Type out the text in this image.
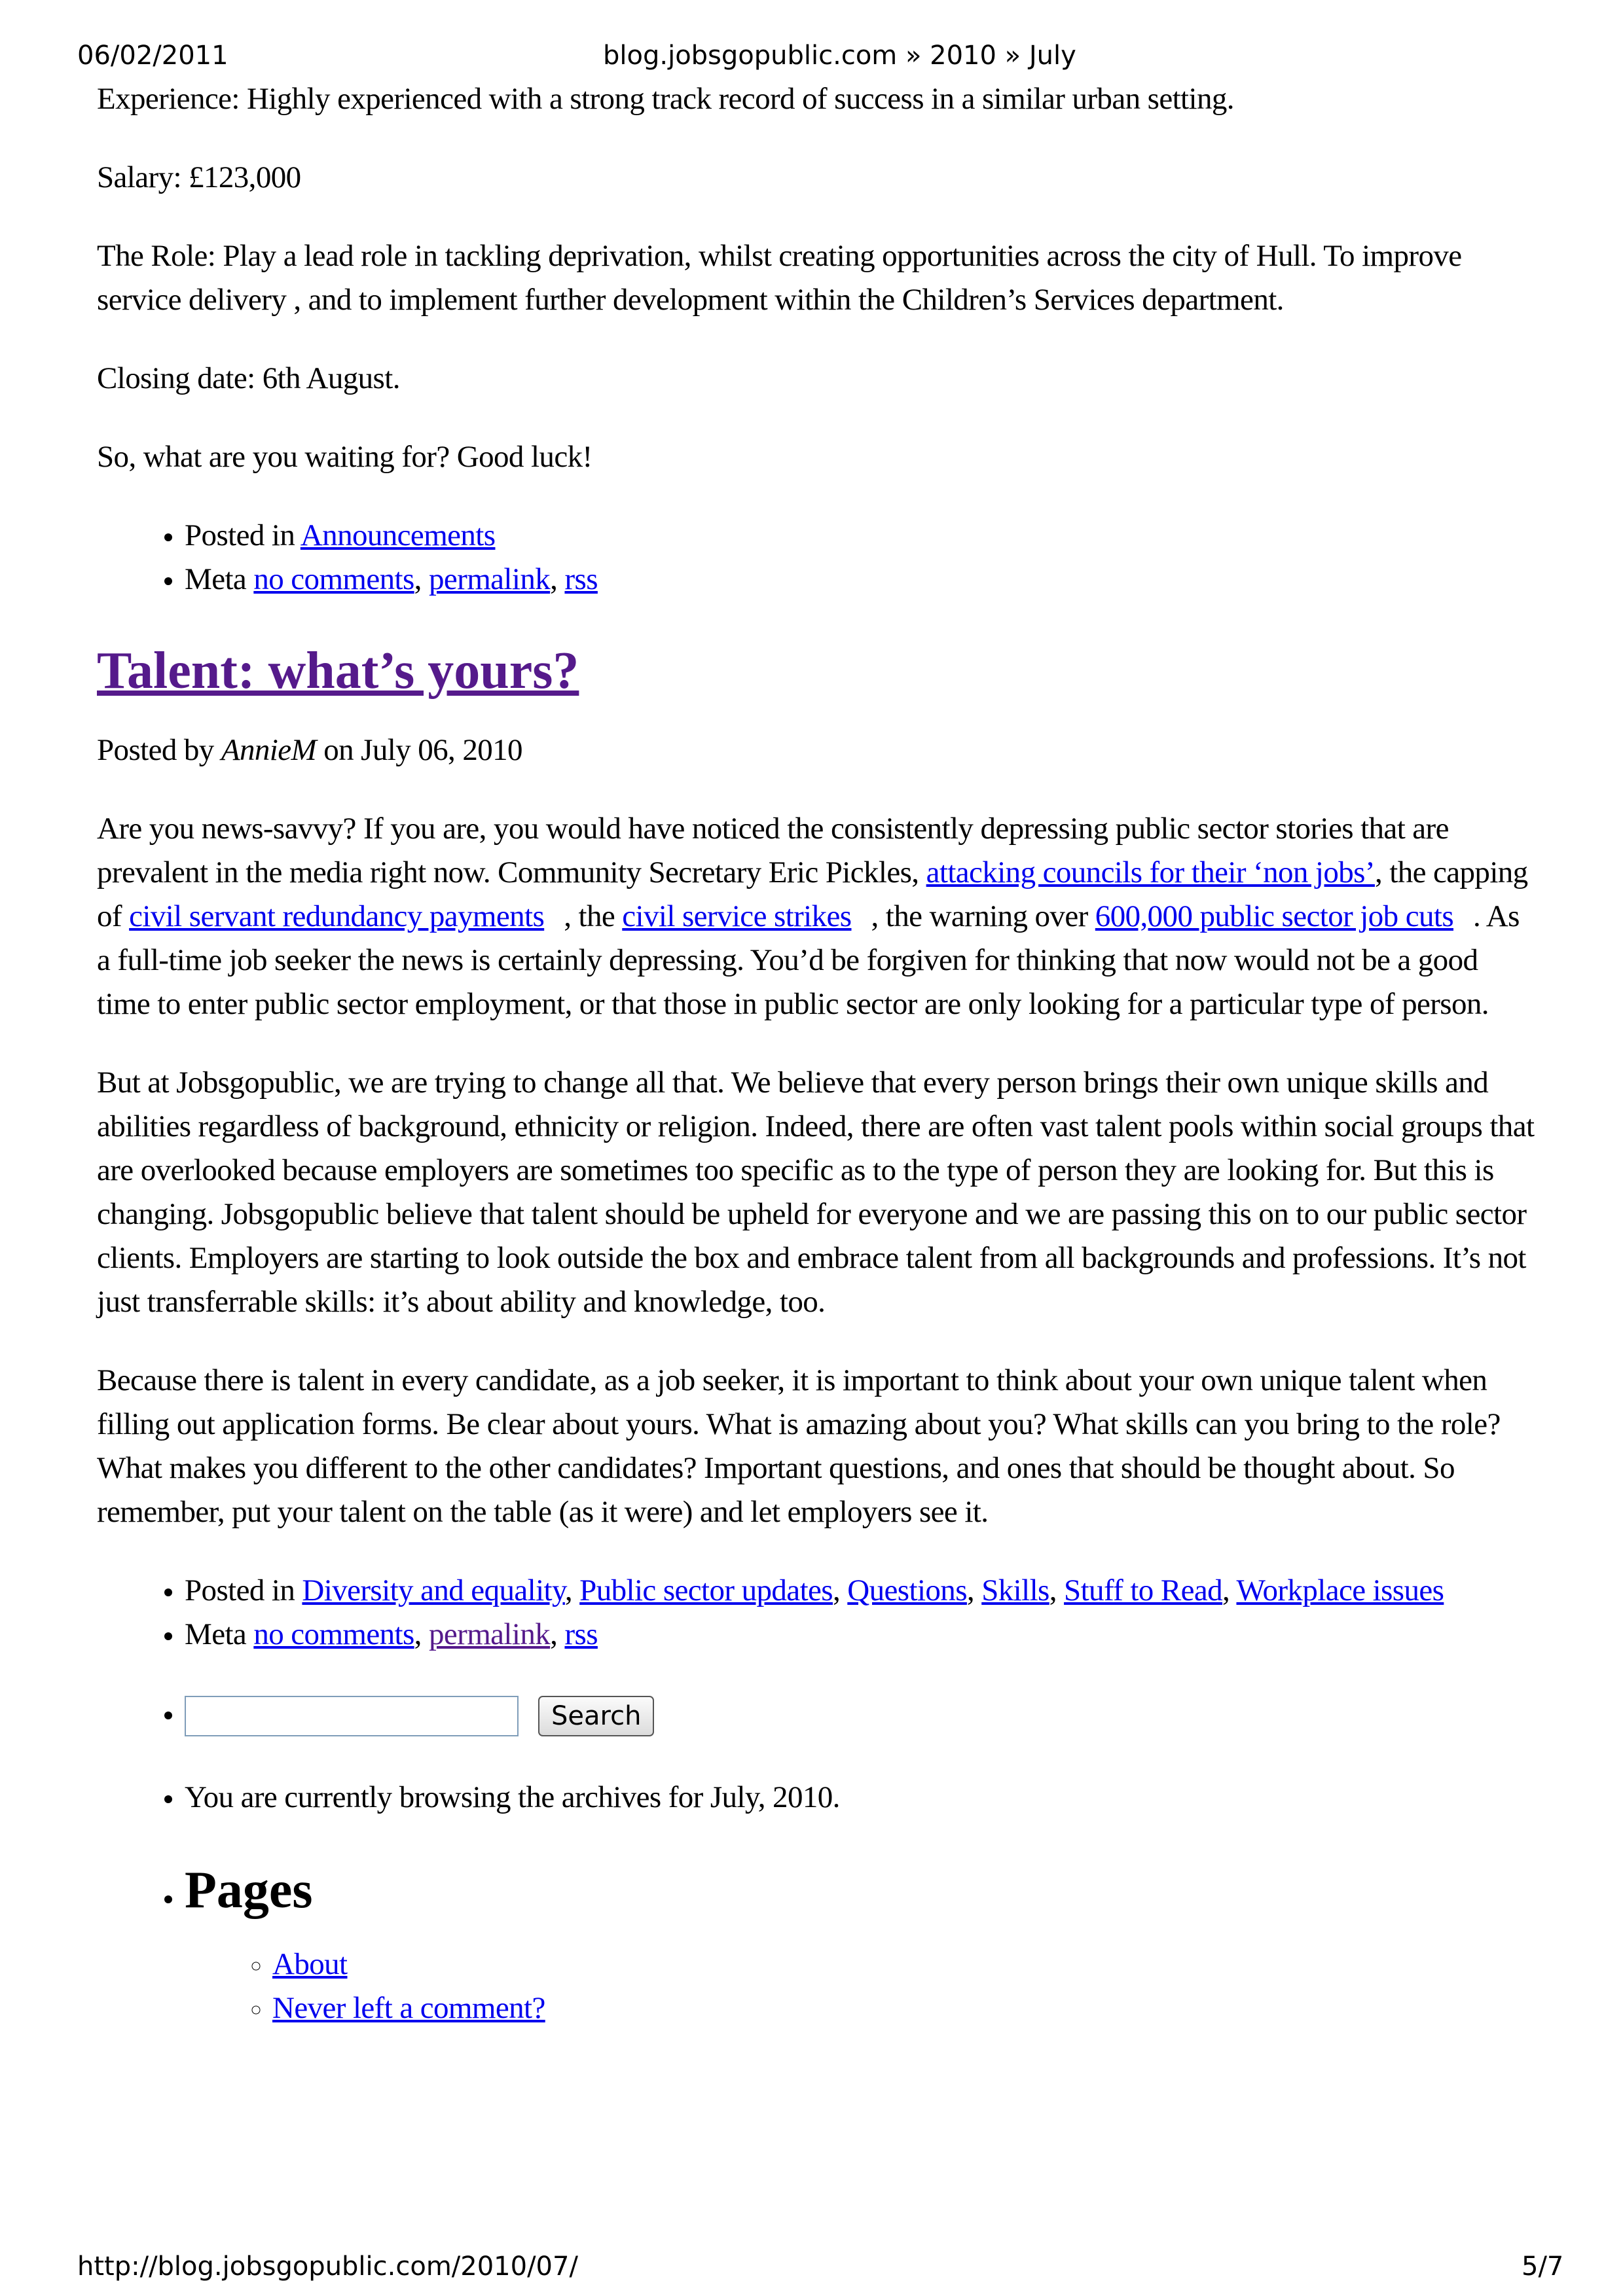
06/02/2011	blog.jobsgopublic.com » 2010 » July

Experience: Highly experienced with a strong track record of success in a similar urban setting.

Salary: £123,000

The Role: Play a lead role in tackling deprivation, whilst creating opportunities across the city of Hull. To improve service delivery , and to implement further development within the Children’s Services department.

Closing date: 6th August.

So, what are you waiting for? Good luck!

• Posted in Announcements
• Meta no comments, permalink, rss
Talent: what’s yours?

Posted by AnnieM on July 06, 2010

Are you news-savvy? If you are, you would have noticed the consistently depressing public sector stories that are prevalent in the media right now. Community Secretary Eric Pickles, attacking councils for their ‘non jobs’, the capping of civil servant redundancy payments , the civil service strikes , the warning over 600,000 public sector job cuts . As a full-time job seeker the news is certainly depressing. You’d be forgiven for thinking that now would not be a good time to enter public sector employment, or that those in public sector are only looking for a particular type of person.

But at Jobsgopublic, we are trying to change all that. We believe that every person brings their own unique skills and abilities regardless of background, ethnicity or religion. Indeed, there are often vast talent pools within social groups that are overlooked because employers are sometimes too specific as to the type of person they are looking for. But this is changing. Jobsgopublic believe that talent should be upheld for everyone and we are passing this on to our public sector clients. Employers are starting to look outside the box and embrace talent from all backgrounds and professions. It’s not just transferrable skills: it’s about ability and knowledge, too.

Because there is talent in every candidate, as a job seeker, it is important to think about your own unique talent when filling out application forms. Be clear about yours. What is amazing about you? What skills can you bring to the role? What makes you different to the other candidates? Important questions, and ones that should be thought about. So remember, put your talent on the table (as it were) and let employers see it.

• Posted in Diversity and equality, Public sector updates, Questions, Skills, Stuff to Read, Workplace issues
• Meta no comments, permalink, rss
• Search
• You are currently browsing the archives for July, 2010.
• Pages
◦ About
◦ Never left a comment?
http://blog.jobsgopublic.com/2010/07/	5/7
